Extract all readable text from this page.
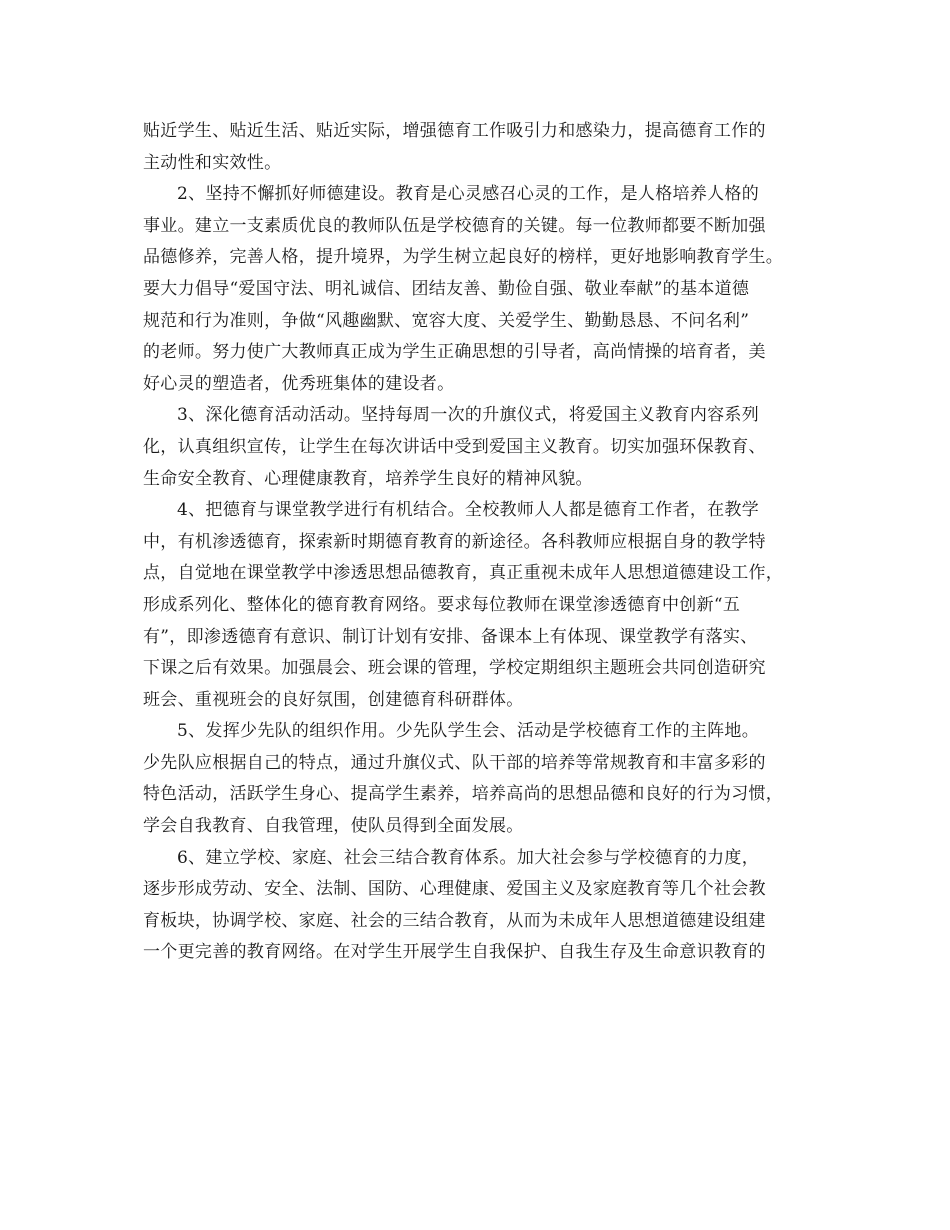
贴近学生、贴近生活、贴近实际，增强德育工作吸引力和感染力，提高德育工作的
主动性和实效性。
2、坚持不懈抓好师德建设。教育是心灵感召心灵的工作，是人格培养人格的
事业。建立一支素质优良的教师队伍是学校德育的关键。每一位教师都要不断加强
品德修养，完善人格，提升境界，为学生树立起良好的榜样，更好地影响教育学生。
要大力倡导“爱国守法、明礼诚信、团结友善、勤俭自强、敬业奉献”的基本道德
规范和行为准则，争做“风趣幽默、宽容大度、关爱学生、勤勤恳恳、不问名利”
的老师。努力使广大教师真正成为学生正确思想的引导者，高尚情操的培育者，美
好心灵的塑造者，优秀班集体的建设者。
3、深化德育活动活动。坚持每周一次的升旗仪式，将爱国主义教育内容系列
化，认真组织宣传，让学生在每次讲话中受到爱国主义教育。切实加强环保教育、
生命安全教育、心理健康教育，培养学生良好的精神风貌。
4、把德育与课堂教学进行有机结合。全校教师人人都是德育工作者，在教学
中，有机渗透德育，探索新时期德育教育的新途径。各科教师应根据自身的教学特
点，自觉地在课堂教学中渗透思想品德教育，真正重视未成年人思想道德建设工作，
形成系列化、整体化的德育教育网络。要求每位教师在课堂渗透德育中创新“五
有”，即渗透德育有意识、制订计划有安排、备课本上有体现、课堂教学有落实、
下课之后有效果。加强晨会、班会课的管理，学校定期组织主题班会共同创造研究
班会、重视班会的良好氛围，创建德育科研群体。
5、发挥少先队的组织作用。少先队学生会、活动是学校德育工作的主阵地。
少先队应根据自己的特点，通过升旗仪式、队干部的培养等常规教育和丰富多彩的
特色活动，活跃学生身心、提高学生素养，培养高尚的思想品德和良好的行为习惯，
学会自我教育、自我管理，使队员得到全面发展。
6、建立学校、家庭、社会三结合教育体系。加大社会参与学校德育的力度，
逐步形成劳动、安全、法制、国防、心理健康、爱国主义及家庭教育等几个社会教
育板块，协调学校、家庭、社会的三结合教育，从而为未成年人思想道德建设组建
一个更完善的教育网络。在对学生开展学生自我保护、自我生存及生命意识教育的
